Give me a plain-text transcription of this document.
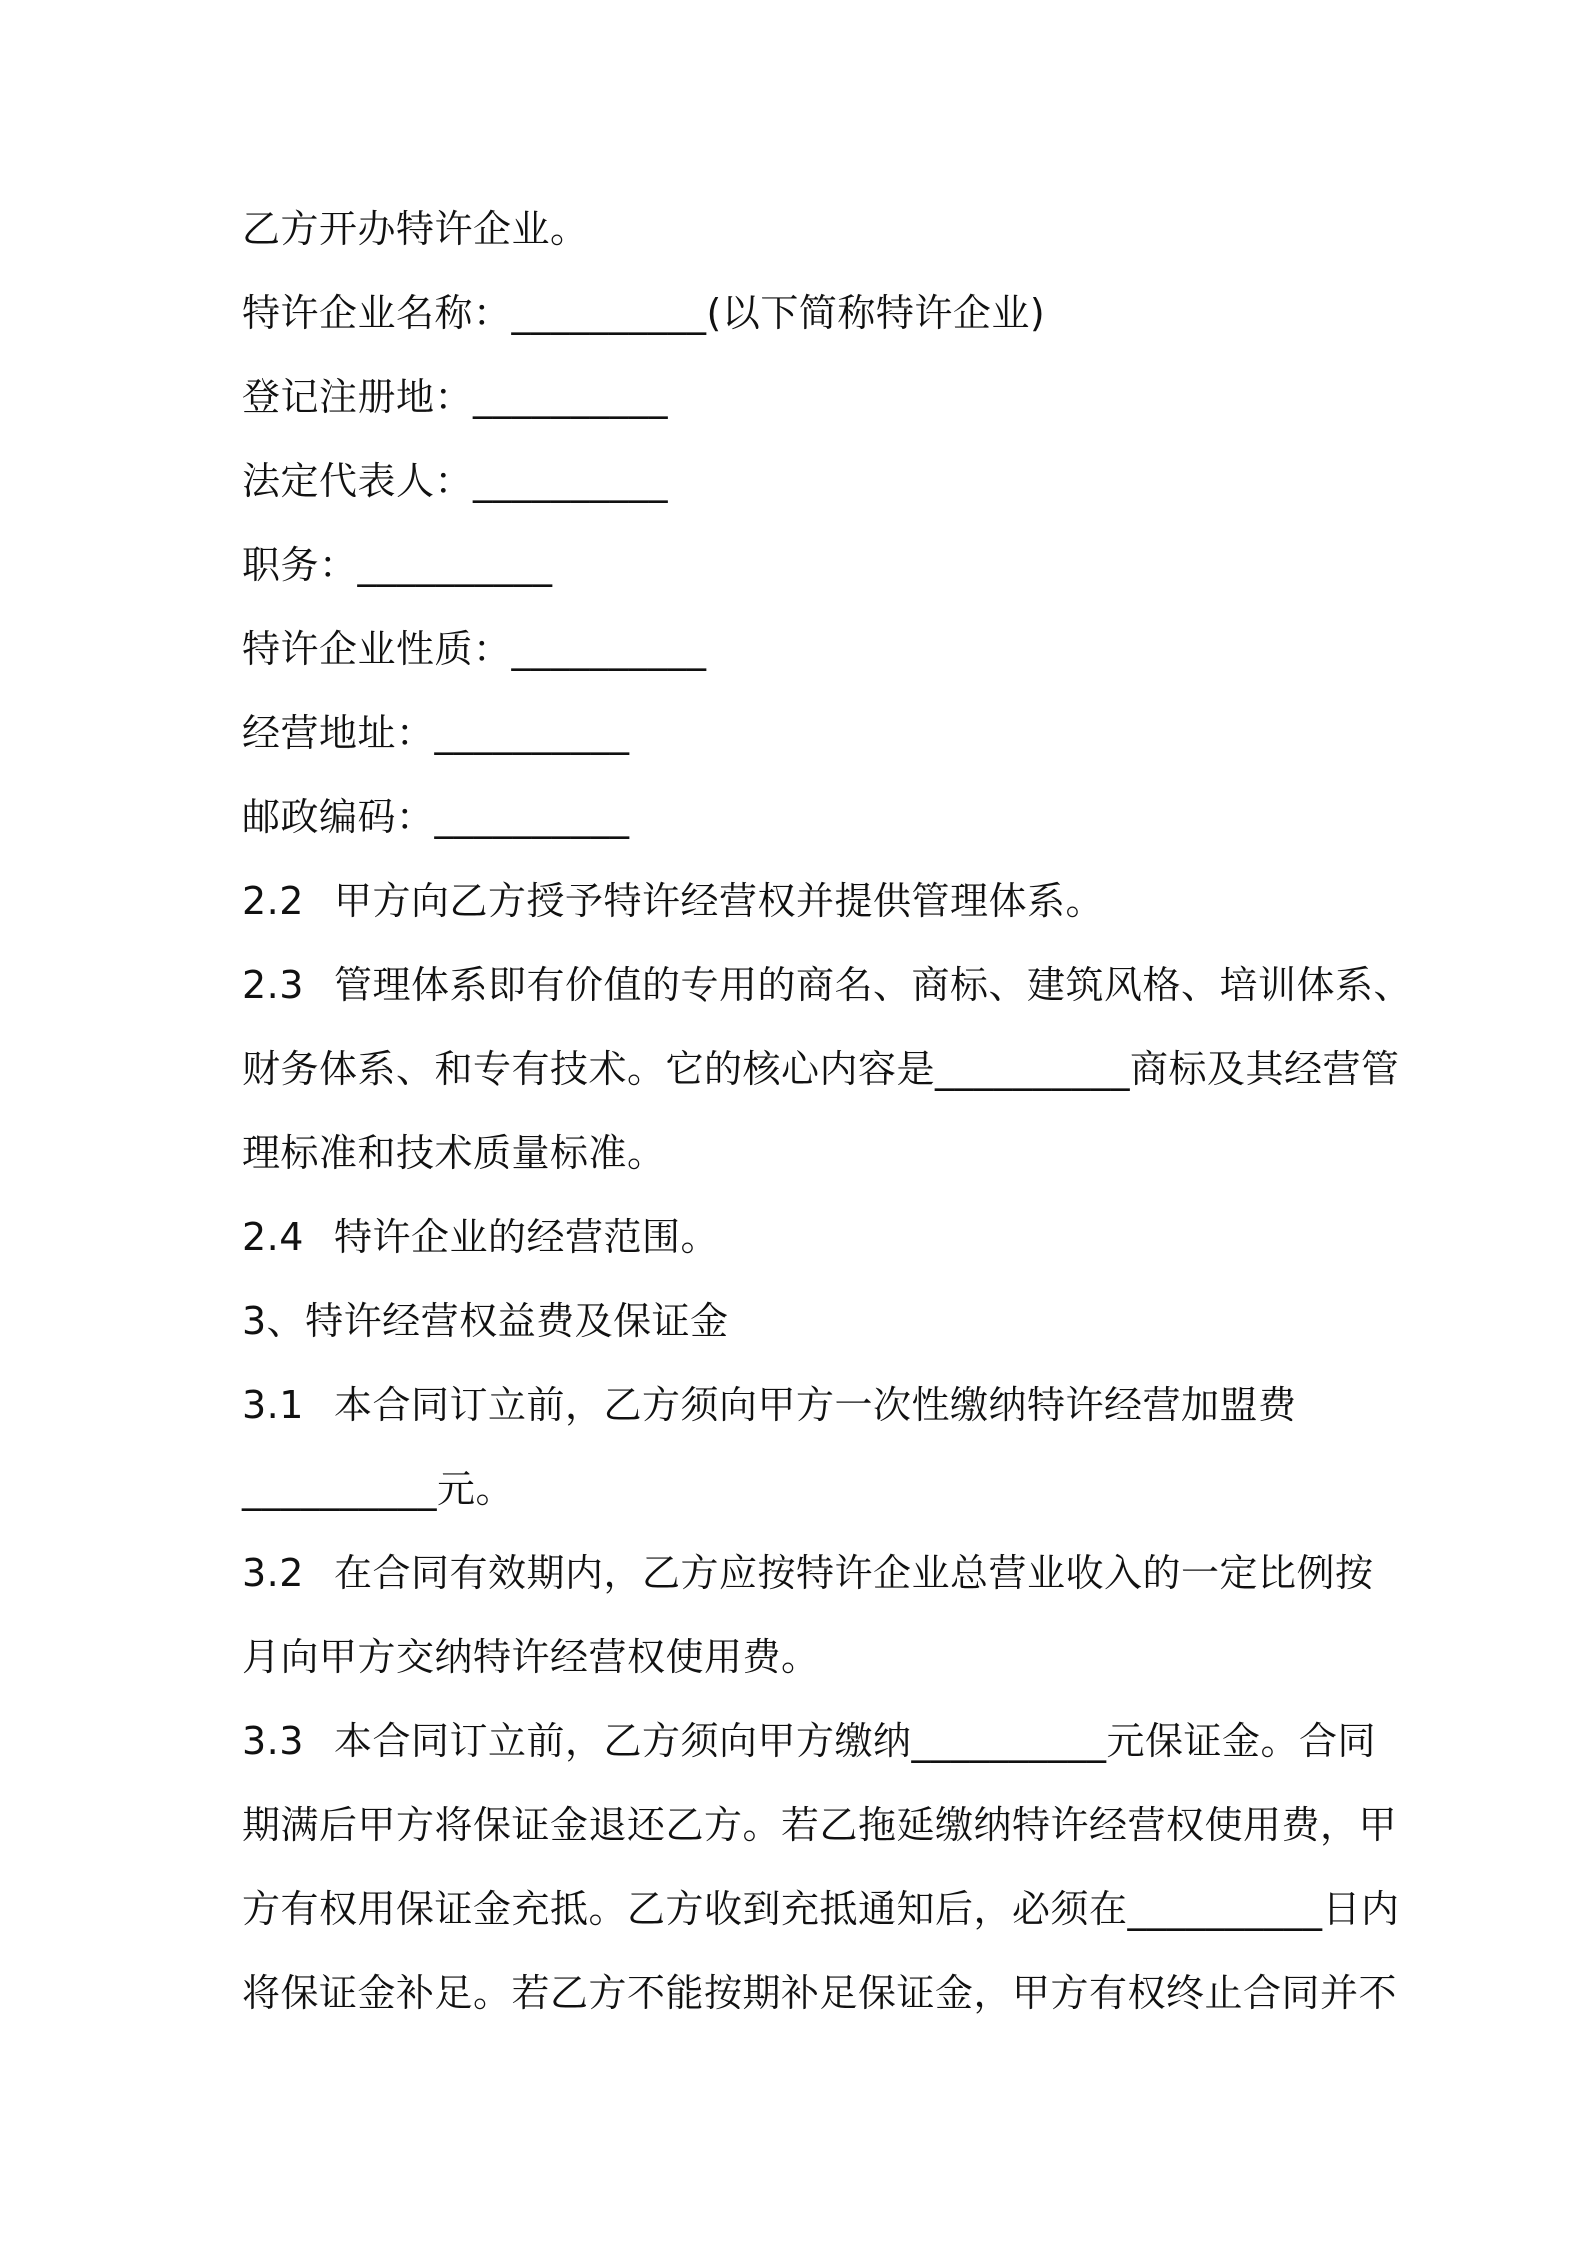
乙方开办特许企业。
特许企业名称：__________(以下简称特许企业)
登记注册地：__________
法定代表人：__________
职务：__________
特许企业性质：__________
经营地址：__________
邮政编码：__________
2.2 甲方向乙方授予特许经营权并提供管理体系。
2.3 管理体系即有价值的专用的商名、商标、建筑风格、培训体系、
财务体系、和专有技术。它的核心内容是__________商标及其经营管
理标准和技术质量标准。
2.4 特许企业的经营范围。
3、特许经营权益费及保证金
3.1 本合同订立前，乙方须向甲方一次性缴纳特许经营加盟费
__________元。
3.2 在合同有效期内，乙方应按特许企业总营业收入的一定比例按
月向甲方交纳特许经营权使用费。
3.3 本合同订立前，乙方须向甲方缴纳__________元保证金。合同
期满后甲方将保证金退还乙方。若乙拖延缴纳特许经营权使用费，甲
方有权用保证金充抵。乙方收到充抵通知后，必须在__________日内
将保证金补足。若乙方不能按期补足保证金，甲方有权终止合同并不
